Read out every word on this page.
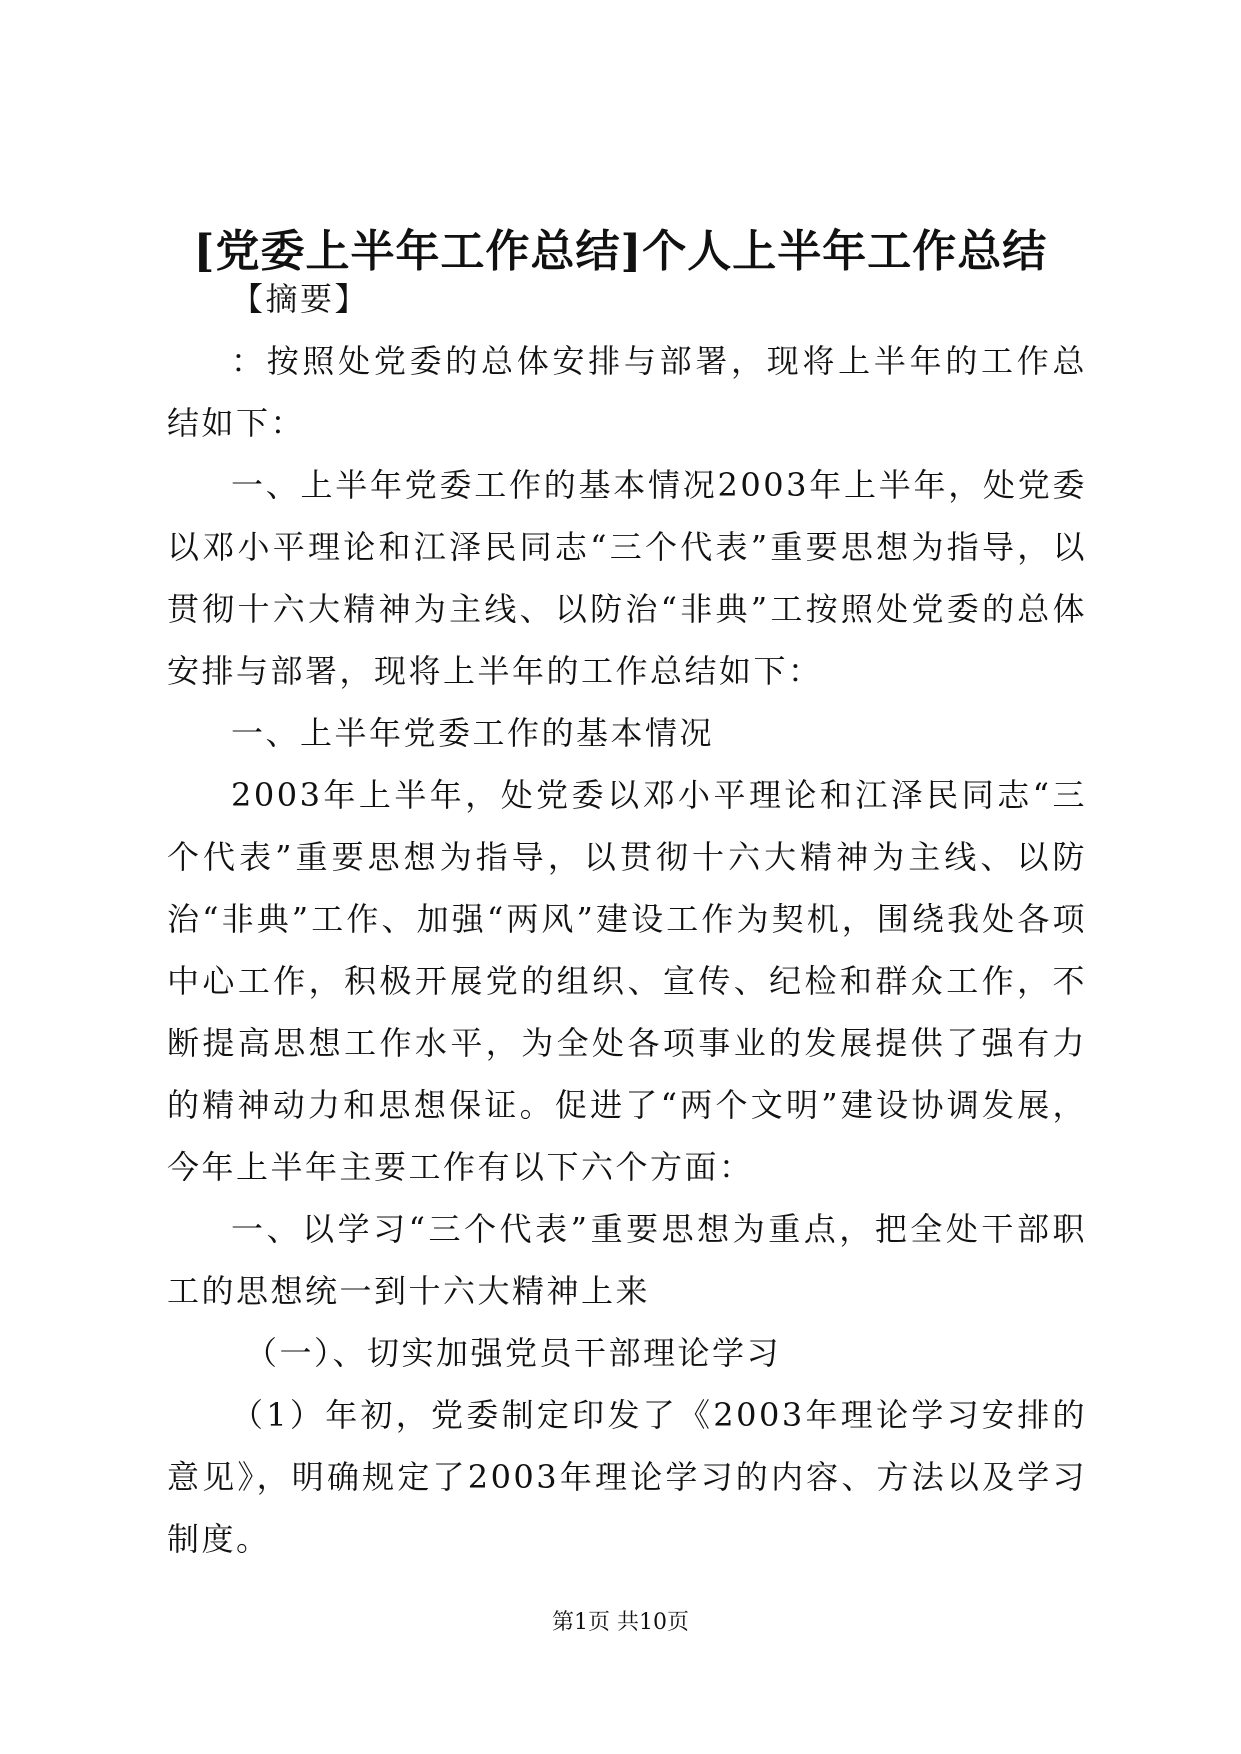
[党委上半年工作总结]个人上半年工作总结

【摘要】

：按照处党委的总体安排与部署，现将上半年的工作总结如下：

一、上半年党委工作的基本情况2003年上半年，处党委以邓小平理论和江泽民同志“三个代表”重要思想为指导，以贯彻十六大精神为主线、以防治“非典”工按照处党委的总体安排与部署，现将上半年的工作总结如下：

一、上半年党委工作的基本情况

2003年上半年，处党委以邓小平理论和江泽民同志“三个代表”重要思想为指导，以贯彻十六大精神为主线、以防治“非典”工作、加强“两风”建设工作为契机，围绕我处各项中心工作，积极开展党的组织、宣传、纪检和群众工作，不断提高思想工作水平，为全处各项事业的发展提供了强有力的精神动力和思想保证。促进了“两个文明”建设协调发展，今年上半年主要工作有以下六个方面：

一、以学习“三个代表”重要思想为重点，把全处干部职工的思想统一到十六大精神上来

（一）、切实加强党员干部理论学习

（1）年初，党委制定印发了《2003年理论学习安排的意见》，明确规定了2003年理论学习的内容、方法以及学习制度。

第1页 共10页
